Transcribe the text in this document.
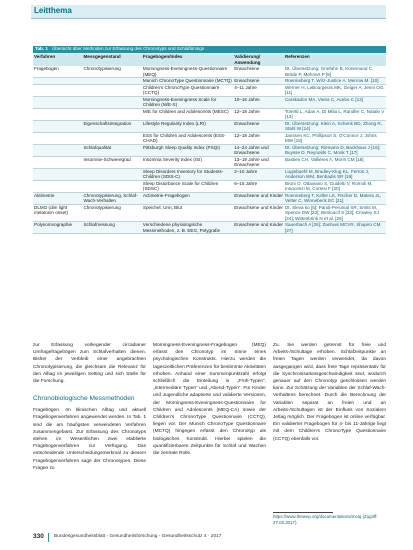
Leitthema
Tab. 1 Übersicht über Methoden zur Erfassung des Chronotyps und Schlaftimings
Verfahren	Messgegenstand	Fragebogen/Index	Validierung/ Anwendung	Referenzen
Fragebogen	Chronotypisierung	Morningness-Eveningness-Questionnaire (MEQ)	Erwachsene	Dt. Übersetzung: Griefahn B, Künemund C, Bröde P, Mehnert P [9]
		Munich ChronoType Questionnaire (MCTQ)	Erwachsene	Roenneberg T, Wirz-Justice A, Merrow M. [10]
		Children's ChronoType Questionnaire (CCTQ)	4–11 Jahre	Werner H, LeBourgeois MK, Geiger A, Jenni OG. [11]
		Morningness-Eveningness Scale for Children (M/E-S)	10–16 Jahre	Carskadon MA, Vieira C, Acebo C [13]
		M/E for Children and Adolescents (MESC)	12–18 Jahre	Tonetti L, Adan A, Di Milia L, Randler C, Natale V [13]
	Eigenschaftsintegration	Lifestyle Regularity Index (LRI)	Erwachsene	Dt. Übersetzung: Klein A, Schenk BD, Zhong R, Stahl W [14]
		ESS for Children and Adolescents (ESS-CHAD)	12–18 Jahre	Janssen KC, Phillipson S, O'Connor J, Johns MW [15]
	Schlafqualität	Pittsburgh Sleep Quality Index (PSQI)	14–24 Jahre und Erwachsene	Dt. Übersetzung: Riemann D, Backhaus J [16]; Buysse D, Reynolds C, Monk T [17]
	Insomnie-Schweregrad	Insomnia Severity Index (ISI)	13–19 Jahre und Erwachsene	Bastien CH, Vallières A, Morin CM [18]
		Sleep Disorders Inventory for Students-Children (SDIS-C)	2–10 Jahre	Luginbuehl M, Bradley-Klug KL, Ferron J, Anderson WM, Benbadis SR [19]
		Sleep Disturbance Scale for Children (SDSC)	6–15 Jahre	Bruni O, Ottaviano S, Guidetti V, Romoli M, Innocenzi M, Cortesi F [20]
Aktimetrie	Chronotypisierung, Schlaf-Wach-Verhalten	Actimetrie-Fragebogen	Erwachsene und Kinder	Roenneberg T, Keller LK, Fischer D, Matera JL, Vetter C, Winnebeck EC [21]
DLMO (dim light melatonin onset)	Chronotypisierung	Speichel, Urin, Blut	Erwachsene und Kinder	Dt. Sleva ko [5]; Pandi-Perumal SR, Smits M, Spence DW [22]; Benloucif S [23]; Crowley SJ [24]; Wittenbrink N et al. [25]
Polysomnographie	Schlafmessung	Verschiedene physiologische Messmethoden, z. B. EEG, Polygrafie	Erwachsene und Kinder	Sauerbach A [26]; Zanhuis MCVR, Shapiro CM [27]

zur Erfassung vorliegender circadianer Umfragefragebögen zum Schlafverhalten dienen. Bisher der Verbleib einer angebrachten Chronotypisierung, die gleichsam die Relevanz für den Alltag im jeweiligen Setting und sich Stelle für die Forschung.

Chronobiologische Messmethoden

Fragebögen. Im klinischen Alltag und aktuell Fragebogenverfahren angewendet werden. In Tab. 1 sind die am häufigsten verwendeten Verfahren zusammengefasst. Zur Erfassung des Chronotyps stehen im Wesentlichen zwei etablierte Fragebogenverfahren zur Verfügung. Das entscheidende Unterscheidungsmerkmal zu diesem Fragebogenverfahren sage der Chronotypen. Diese Fragen zu

Morningness-Eveningness-Fragebogen (MEQ) erfasst den Chronotyp im Sinne eines psychologischen Konstrukts. Hierzu werden die tageszeitlichen Präferenzen für bestimmte Aktivitäten erhoben. Anhand einer Summenpunktzahl erfolgt schließlich die Einteilung in „Früh-Typen“, „Intermediäre Typen“ und „Abend-Typen“. Für Kinder und Jugendliche adaptierte und validierte Versionen, der Morningness-Eveningness-Questionnaire for Children and Adolescents (MEQ-CA) sowie der Children's ChronoType Questionnaire (CCTQ), liegen vor. Der Munich ChronoType Questionnaire (MCTQ) hingegen erfasst den Chronotyp als biologisches Konstrukt. Hierbei spielen die quantifizierbaren Zeitpunkte für Schlaf und Wachen die zentrale Rolle.

Zu. Sie werden getrennt für freie und Arbeits-/Schultage erhoben. Schlafzeitpunkte an freien Tagen werden verwendet, da davon ausgegangen wird, dass freie Tage repräsentativ für die Synchronisationsgeschwindigkeit sind, wodurch genauer auf den Chronotyp geschlossen werden kann. Zur Schätzung der Variablen der Schlaf-Wach-Verhaltens berechnet. Durch die Berechnung der Variablen separat an freien und an Arbeits-/Schultagen ist der Einfluss von Sozialem Jetlag möglich. Der Fragebogen ist online verfügbar. Ein validierter Fragebogen für 4- bis 11-Jährige liegt mit dem Children's ChronoType Questionnaire (CCTQ) ebenfalls vor.

https://www.thewep.org/documentations/mctq (Zugriff: 27.03.2017).
330 Bundesgesundheitsblatt - Gesundheitsforschung - Gesundheitsschutz 4 · 2017
